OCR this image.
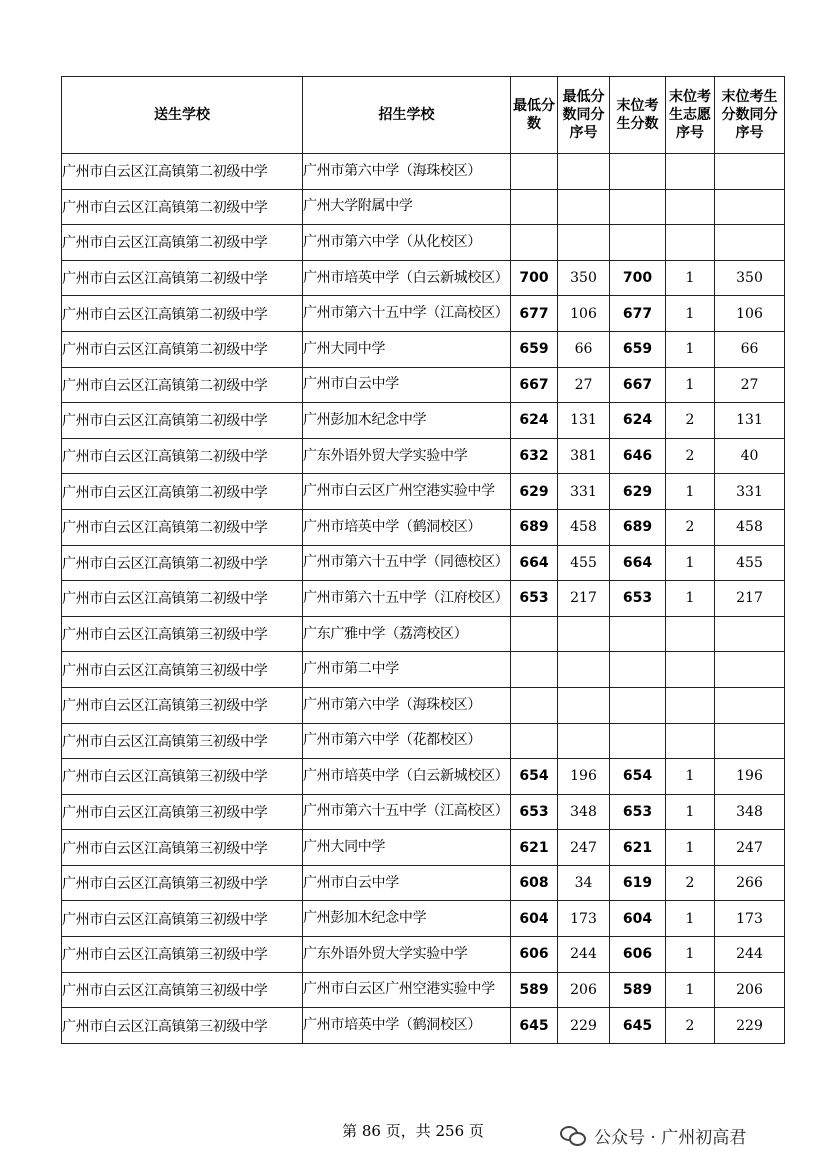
送生学校	招生学校	最低分数	最低分数同分序号	末位考生分数	末位考生志愿序号	末位考生分数同分序号
广州市白云区江高镇第二初级中学	广州市第六中学（海珠校区）					
广州市白云区江高镇第二初级中学	广州大学附属中学					
广州市白云区江高镇第二初级中学	广州市第六中学（从化校区）					
广州市白云区江高镇第二初级中学	广州市培英中学（白云新城校区）	700	350	700	1	350
广州市白云区江高镇第二初级中学	广州市第六十五中学（江高校区）	677	106	677	1	106
广州市白云区江高镇第二初级中学	广州大同中学	659	66	659	1	66
广州市白云区江高镇第二初级中学	广州市白云中学	667	27	667	1	27
广州市白云区江高镇第二初级中学	广州彭加木纪念中学	624	131	624	2	131
广州市白云区江高镇第二初级中学	广东外语外贸大学实验中学	632	381	646	2	40
广州市白云区江高镇第二初级中学	广州市白云区广州空港实验中学	629	331	629	1	331
广州市白云区江高镇第二初级中学	广州市培英中学（鹤洞校区）	689	458	689	2	458
广州市白云区江高镇第二初级中学	广州市第六十五中学（同德校区）	664	455	664	1	455
广州市白云区江高镇第二初级中学	广州市第六十五中学（江府校区）	653	217	653	1	217
广州市白云区江高镇第三初级中学	广东广雅中学（荔湾校区）					
广州市白云区江高镇第三初级中学	广州市第二中学					
广州市白云区江高镇第三初级中学	广州市第六中学（海珠校区）					
广州市白云区江高镇第三初级中学	广州市第六中学（花都校区）					
广州市白云区江高镇第三初级中学	广州市培英中学（白云新城校区）	654	196	654	1	196
广州市白云区江高镇第三初级中学	广州市第六十五中学（江高校区）	653	348	653	1	348
广州市白云区江高镇第三初级中学	广州大同中学	621	247	621	1	247
广州市白云区江高镇第三初级中学	广州市白云中学	608	34	619	2	266
广州市白云区江高镇第三初级中学	广州彭加木纪念中学	604	173	604	1	173
广州市白云区江高镇第三初级中学	广东外语外贸大学实验中学	606	244	606	1	244
广州市白云区江高镇第三初级中学	广州市白云区广州空港实验中学	589	206	589	1	206
广州市白云区江高镇第三初级中学	广州市培英中学（鹤洞校区）	645	229	645	2	229
第 86 页，共 256 页	公众号 · 广州初高君
